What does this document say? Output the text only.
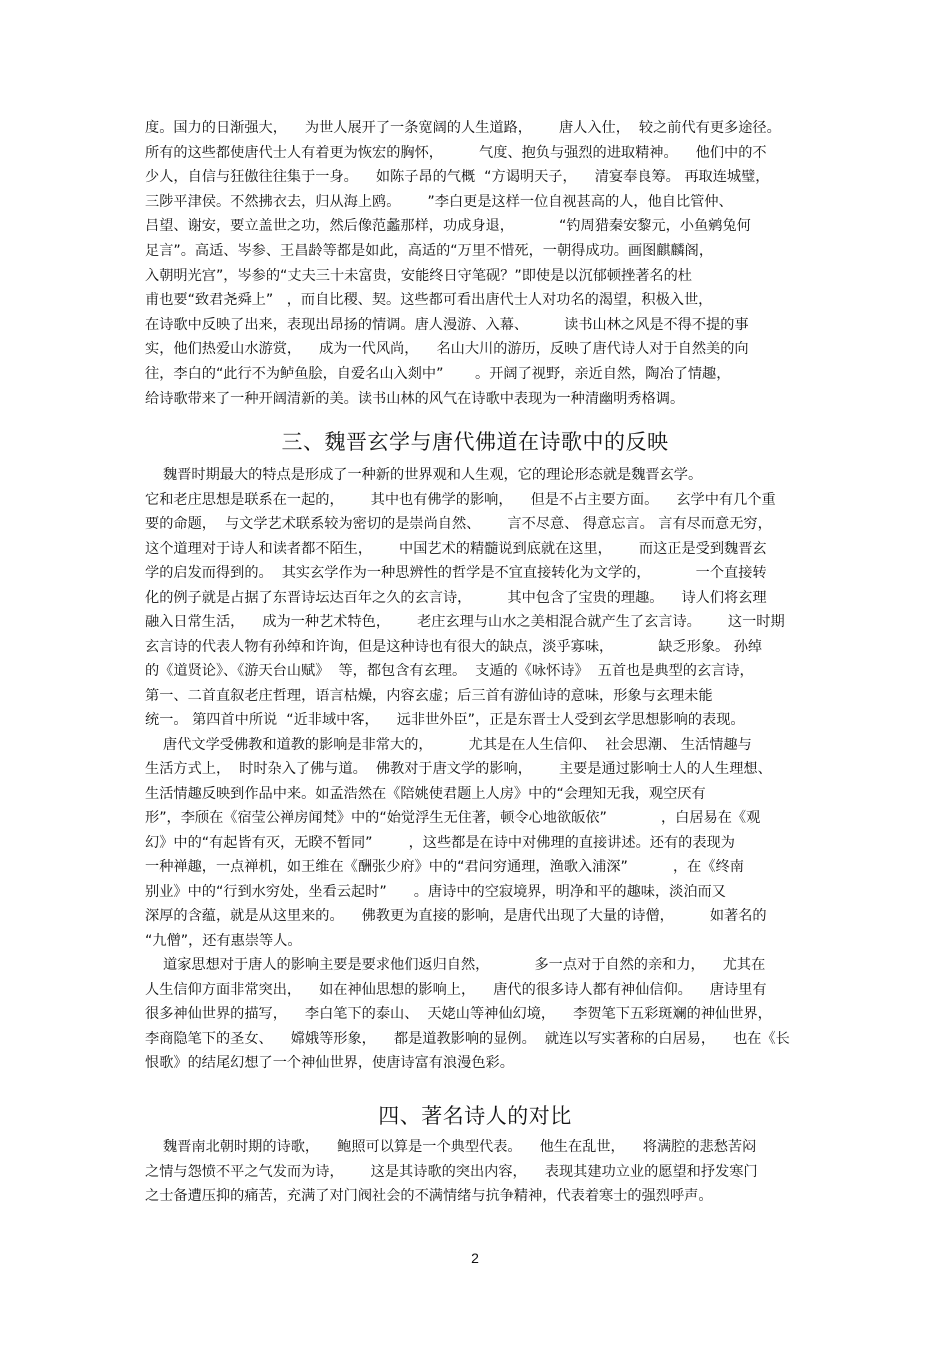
度。国力的日渐强大，    为世人展开了一条宽阔的人生道路，      唐人入仕，  较之前代有更多途径。
所有的这些都使唐代士人有着更为恢宏的胸怀，        气度、抱负与强烈的进取精神。    他们中的不
少人，自信与狂傲往往集于一身。    如陈子昂的气概  “方谒明天子，    清宴奉良筹。 再取连城璧，
三陟平津侯。不然拂衣去，归从海上鸥。      ”李白更是这样一位自视甚高的人，他自比管仲、
吕望、谢安，要立盖世之功，然后像范蠡那样，功成身退，          “钓周猎秦安黎元，小鱼鹓兔何
足言”。高适、岑参、王昌龄等都是如此，高适的“万里不惜死，一朝得成功。画图麒麟阁，
入朝明光宫”，岑参的“丈夫三十未富贵，安能终日守笔砚？”即使是以沉郁顿挫著名的杜
甫也要“致君尧舜上”   ，而自比稷、契。这些都可看出唐代士人对功名的渴望，积极入世，
在诗歌中反映了出来，表现出昂扬的情调。唐人漫游、入幕、        读书山林之风是不得不提的事
实，他们热爱山水游赏，    成为一代风尚，    名山大川的游历，反映了唐代诗人对于自然美的向
往，李白的“此行不为鲈鱼脍，自爱名山入剡中”       。开阔了视野，亲近自然，陶冶了情趣，
给诗歌带来了一种开阔清新的美。读书山林的风气在诗歌中表现为一种清幽明秀格调。
三、魏晋玄学与唐代佛道在诗歌中的反映
魏晋时期最大的特点是形成了一种新的世界观和人生观，它的理论形态就是魏晋玄学。
它和老庄思想是联系在一起的，      其中也有佛学的影响，    但是不占主要方面。    玄学中有几个重
要的命题，  与文学艺术联系较为密切的是崇尚自然、      言不尽意、 得意忘言。 言有尽而意无穷，
这个道理对于诗人和读者都不陌生，      中国艺术的精髓说到底就在这里，      而这正是受到魏晋玄
学的启发而得到的。  其实玄学作为一种思辨性的哲学是不宜直接转化为文学的，          一个直接转
化的例子就是占据了东晋诗坛达百年之久的玄言诗，        其中包含了宝贵的理趣。    诗人们将玄理
融入日常生活，    成为一种艺术特色，      老庄玄理与山水之美相混合就产生了玄言诗。      这一时期
玄言诗的代表人物有孙绰和许询，但是这种诗也有很大的缺点，淡乎寡味，          缺乏形象。 孙绰
的《道贤论》、《游天台山赋》  等，都包含有玄理。  支遁的《咏怀诗》  五首也是典型的玄言诗，
第一、二首直叙老庄哲理，语言枯燥，内容玄虚；后三首有游仙诗的意味，形象与玄理未能
统一。 第四首中所说  “近非域中客，    远非世外臣”，正是东晋士人受到玄学思想影响的表现。
唐代文学受佛教和道教的影响是非常大的，        尤其是在人生信仰、  社会思潮、 生活情趣与
生活方式上，  时时杂入了佛与道。  佛教对于唐文学的影响，      主要是通过影响士人的人生理想、
生活情趣反映到作品中来。如孟浩然在《陪姚使君题上人房》中的“会理知无我，观空厌有
形”，李颀在《宿莹公禅房闻梵》中的“始觉浮生无住著，顿令心地欲皈依”            ，白居易在《观
幻》中的“有起皆有灭，无睽不暂同”        ，这些都是在诗中对佛理的直接讲述。还有的表现为
一种禅趣，一点禅机，如王维在《酬张少府》中的“君问穷通理，渔歌入浦深”          ，在《终南
别业》中的“行到水穷处，坐看云起时”      。唐诗中的空寂境界，明净和平的趣味，淡泊而又
深厚的含蕴，就是从这里来的。    佛教更为直接的影响，是唐代出现了大量的诗僧，        如著名的
“九僧”，还有惠崇等人。
道家思想对于唐人的影响主要是要求他们返归自然，          多一点对于自然的亲和力，    尤其在
人生信仰方面非常突出，    如在神仙思想的影响上，    唐代的很多诗人都有神仙信仰。    唐诗里有
很多神仙世界的描写，    李白笔下的泰山、  天姥山等神仙幻境，    李贺笔下五彩斑斓的神仙世界，
李商隐笔下的圣女、    嫦娥等形象，    都是道教影响的显例。  就连以写实著称的白居易，    也在《长
恨歌》的结尾幻想了一个神仙世界，使唐诗富有浪漫色彩。
四、著名诗人的对比
魏晋南北朝时期的诗歌，    鲍照可以算是一个典型代表。    他生在乱世，    将满腔的悲愁苦闷
之情与怨愤不平之气发而为诗，      这是其诗歌的突出内容，    表现其建功立业的愿望和抒发寒门
之士备遭压抑的痛苦，充满了对门阀社会的不满情绪与抗争精神，代表着寒士的强烈呼声。
2
